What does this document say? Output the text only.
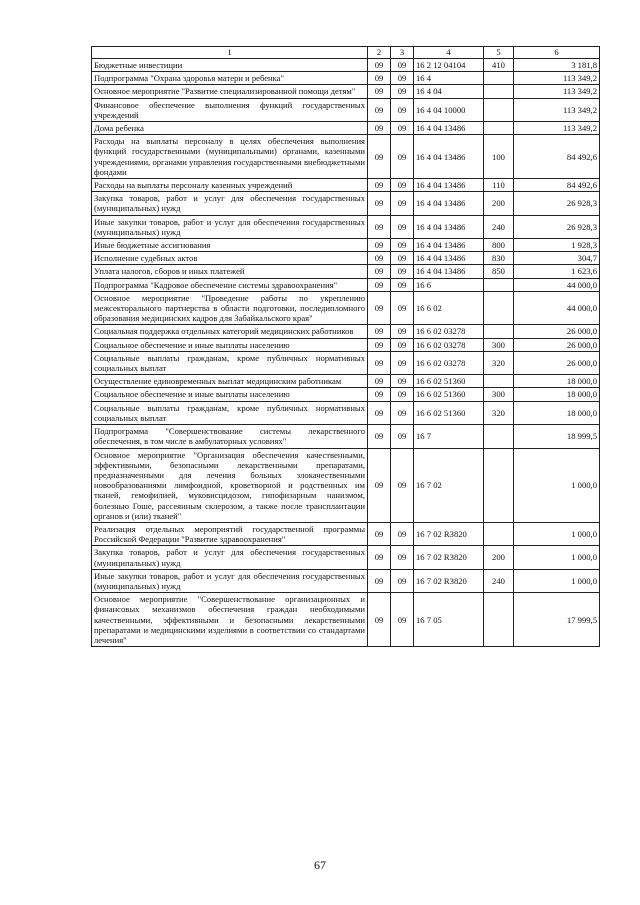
1	2	3	4	5	6
Бюджетные инвестиции	09	09	16 2 12 04104	410	3 181,8
Подпрограмма "Охрана здоровья матери и ребенка"	09	09	16 4		113 349,2
Основное мероприятие "Развитие специализированной помощи детям"	09	09	16 4 04		113 349,2
Финансовое обеспечение выполнения функций государственных учреждений	09	09	16 4 04 10000		113 349,2
Дома ребенка	09	09	16 4 04 13486		113 349,2
Расходы на выплаты персоналу в целях обеспечения выполнения функций государственными (муниципальными) органами, казенными учреждениями, органами управления государственными внебюджетными фондами	09	09	16 4 04 13486	100	84 492,6
Расходы на выплаты персоналу казенных учреждений	09	09	16 4 04 13486	110	84 492,6
Закупка товаров, работ и услуг для обеспечения государственных (муниципальных) нужд	09	09	16 4 04 13486	200	26 928,3
Иные закупки товаров, работ и услуг для обеспечения государственных (муниципальных) нужд	09	09	16 4 04 13486	240	26 928,3
Иные бюджетные ассигнования	09	09	16 4 04 13486	800	1 928,3
Исполнение судебных актов	09	09	16 4 04 13486	830	304,7
Уплата налогов, сборов и иных платежей	09	09	16 4 04 13486	850	1 623,6
Подпрограмма "Кадровое обеспечение системы здравоохранения"	09	09	16 6		44 000,0
Основное мероприятие "Проведение работы по укреплению межсекторального партнерства в области подготовки, последипломного образования медицинских кадров для Забайкальского края"	09	09	16 6 02		44 000,0
Социальная поддержка отдельных категорий медицинских работников	09	09	16 6 02 03278		26 000,0
Социальное обеспечение и иные выплаты населению	09	09	16 6 02 03278	300	26 000,0
Социальные выплаты гражданам, кроме публичных нормативных социальных выплат	09	09	16 6 02 03278	320	26 000,0
Осуществление единовременных выплат медицинским работникам	09	09	16 6 02 51360		18 000,0
Социальное обеспечение и иные выплаты населению	09	09	16 6 02 51360	300	18 000,0
Социальные выплаты гражданам, кроме публичных нормативных социальных выплат	09	09	16 6 02 51360	320	18 000,0
Подпрограмма "Совершенствование системы лекарственного обеспечения, в том числе в амбулаторных условиях"	09	09	16 7		18 999,5
Основное мероприятие "Организация обеспечения качественными, эффективными, безопасными лекарственными препаратами, предназначенными для лечения больных злокачественными новообразованиями лимфоидной, кроветворной и родственных им тканей, гемофилией, муковисцидозом, гипофизарным нанизмом, болезнью Гоше, рассеянным склерозом, а также после трансплантации органов и (или) тканей"	09	09	16 7 02		1 000,0
Реализация отдельных мероприятий государственной программы Российской Федерации "Развитие здравоохранения"	09	09	16 7 02 R3820		1 000,0
Закупка товаров, работ и услуг для обеспечения государственных (муниципальных) нужд	09	09	16 7 02 R3820	200	1 000,0
Иные закупки товаров, работ и услуг для обеспечения государственных (муниципальных) нужд	09	09	16 7 02 R3820	240	1 000,0
Основное мероприятие "Совершенствование организационных и финансовых механизмов обеспечения граждан необходимыми качественными, эффективными и безопасными лекарственными препаратами и медицинскими изделиями в соответствии со стандартами лечения"	09	09	16 7 05		17 999,5
67
